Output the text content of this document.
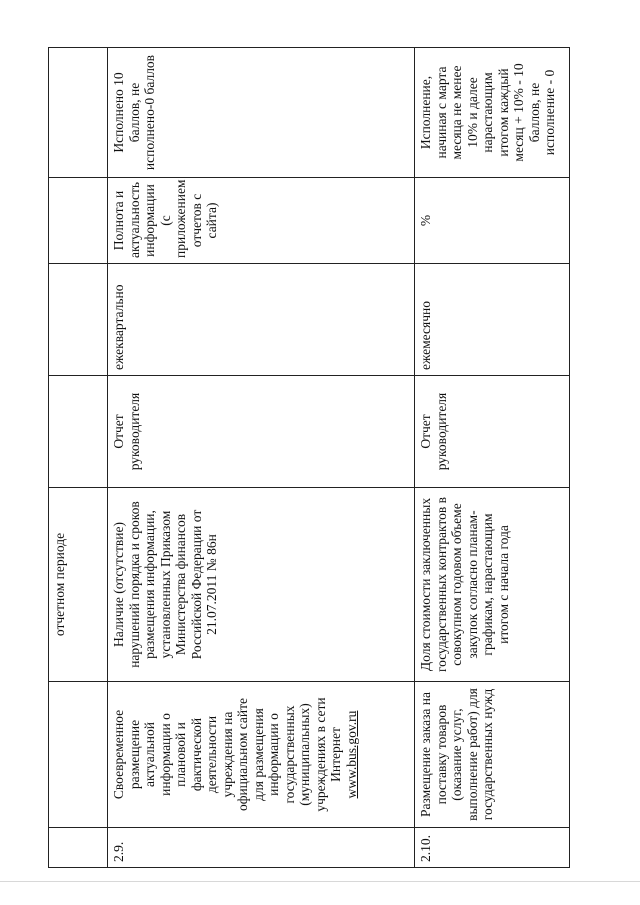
		отчетном периоде				
2.9.	Своевременное размещение актуальной информации о плановой и фактической деятельности учреждения на официальном сайте для размещения информации о государственных (муниципальных) учреждениях в сети Интернет www.bus.gov.ru	Наличие (отсутствие) нарушений порядка и сроков размещения информации, установленных Приказом Министерства финансов Российской Федерации от 21.07.2011 № 86н	Отчет руководителя	ежеквартально	Полнота и актуальность информации (с приложением отчетов с сайта)	Исполнено 10 баллов, не исполнено-0 баллов
2.10.	Размещение заказа на поставку товаров (оказание услуг, выполнение работ) для государственных нужд	Доля стоимости заключенных государственных контрактов в совокупном годовом объеме закупок согласно планам-графикам, нарастающим итогом с начала года	Отчет руководителя	ежемесячно	%	Исполнение, начиная с марта месяца не менее 10% и далее нарастающим итогом каждый месяц + 10% - 10 баллов, не исполнение - 0
